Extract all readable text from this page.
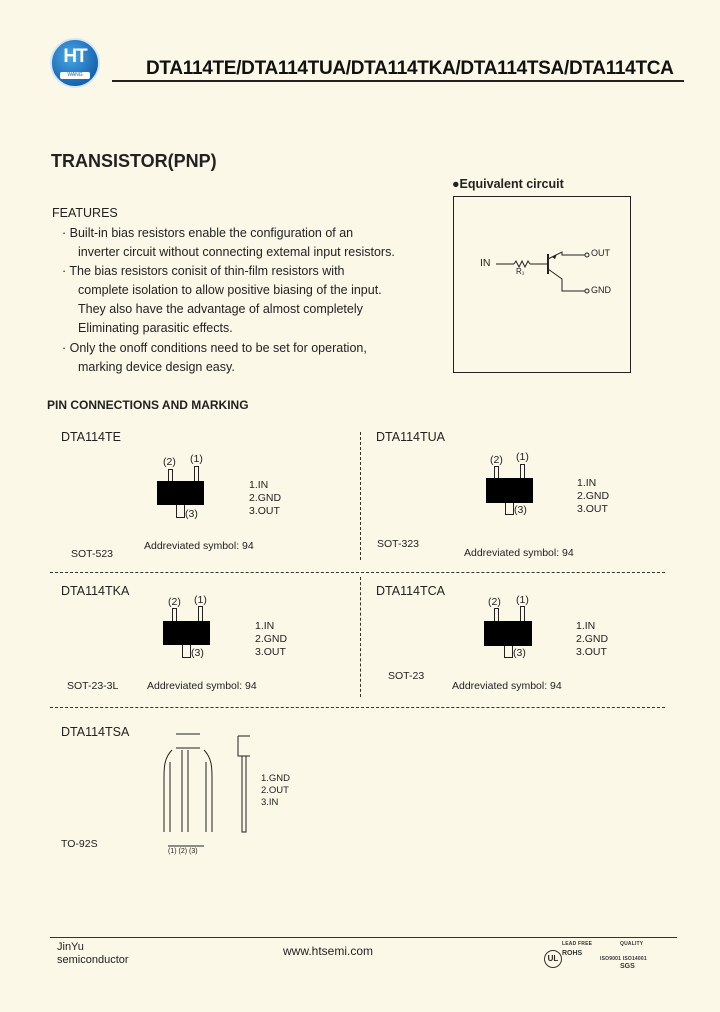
HT
WANG	DTA114TE/DTA114TUA/DTA114TKA/DTA114TSA/DTA114TCA
TRANSISTOR(PNP)
FEATURES
· Built-in bias resistors enable the configuration of an
inverter circuit without connecting extemal input resistors.
· The bias resistors conisit of thin-film resistors with
complete isolation to allow positive biasing of the input.
They also have the advantage of almost completely
Eliminating parasitic effects.
· Only the onoff conditions need to be set for operation,
marking device design easy.
●Equivalent circuit
IN
R₁
OUT
GND
PIN CONNECTIONS AND MARKING
DTA114TE
(2) (1)
(3)
1.IN
2.GND
3.OUT
Addreviated symbol: 94
SOT-523
DTA114TUA
(2) (1)
(3)
1.IN
2.GND
3.OUT
SOT-323
Addreviated symbol: 94
DTA114TKA
(2) (1)
(3)
1.IN
2.GND
3.OUT
SOT-23-3L	Addreviated symbol: 94
DTA114TCA
(2) (1)
(3)
1.IN
2.GND
3.OUT
SOT-23
Addreviated symbol: 94
DTA114TSA
(1) (2) (3)
1.GND
2.OUT
3.IN
TO-92S
JinYu
semiconductor
www.htsemi.com
UL
LEAD FREE
ROHS
QUALITY
ISO9001 ISO14001
SGS
